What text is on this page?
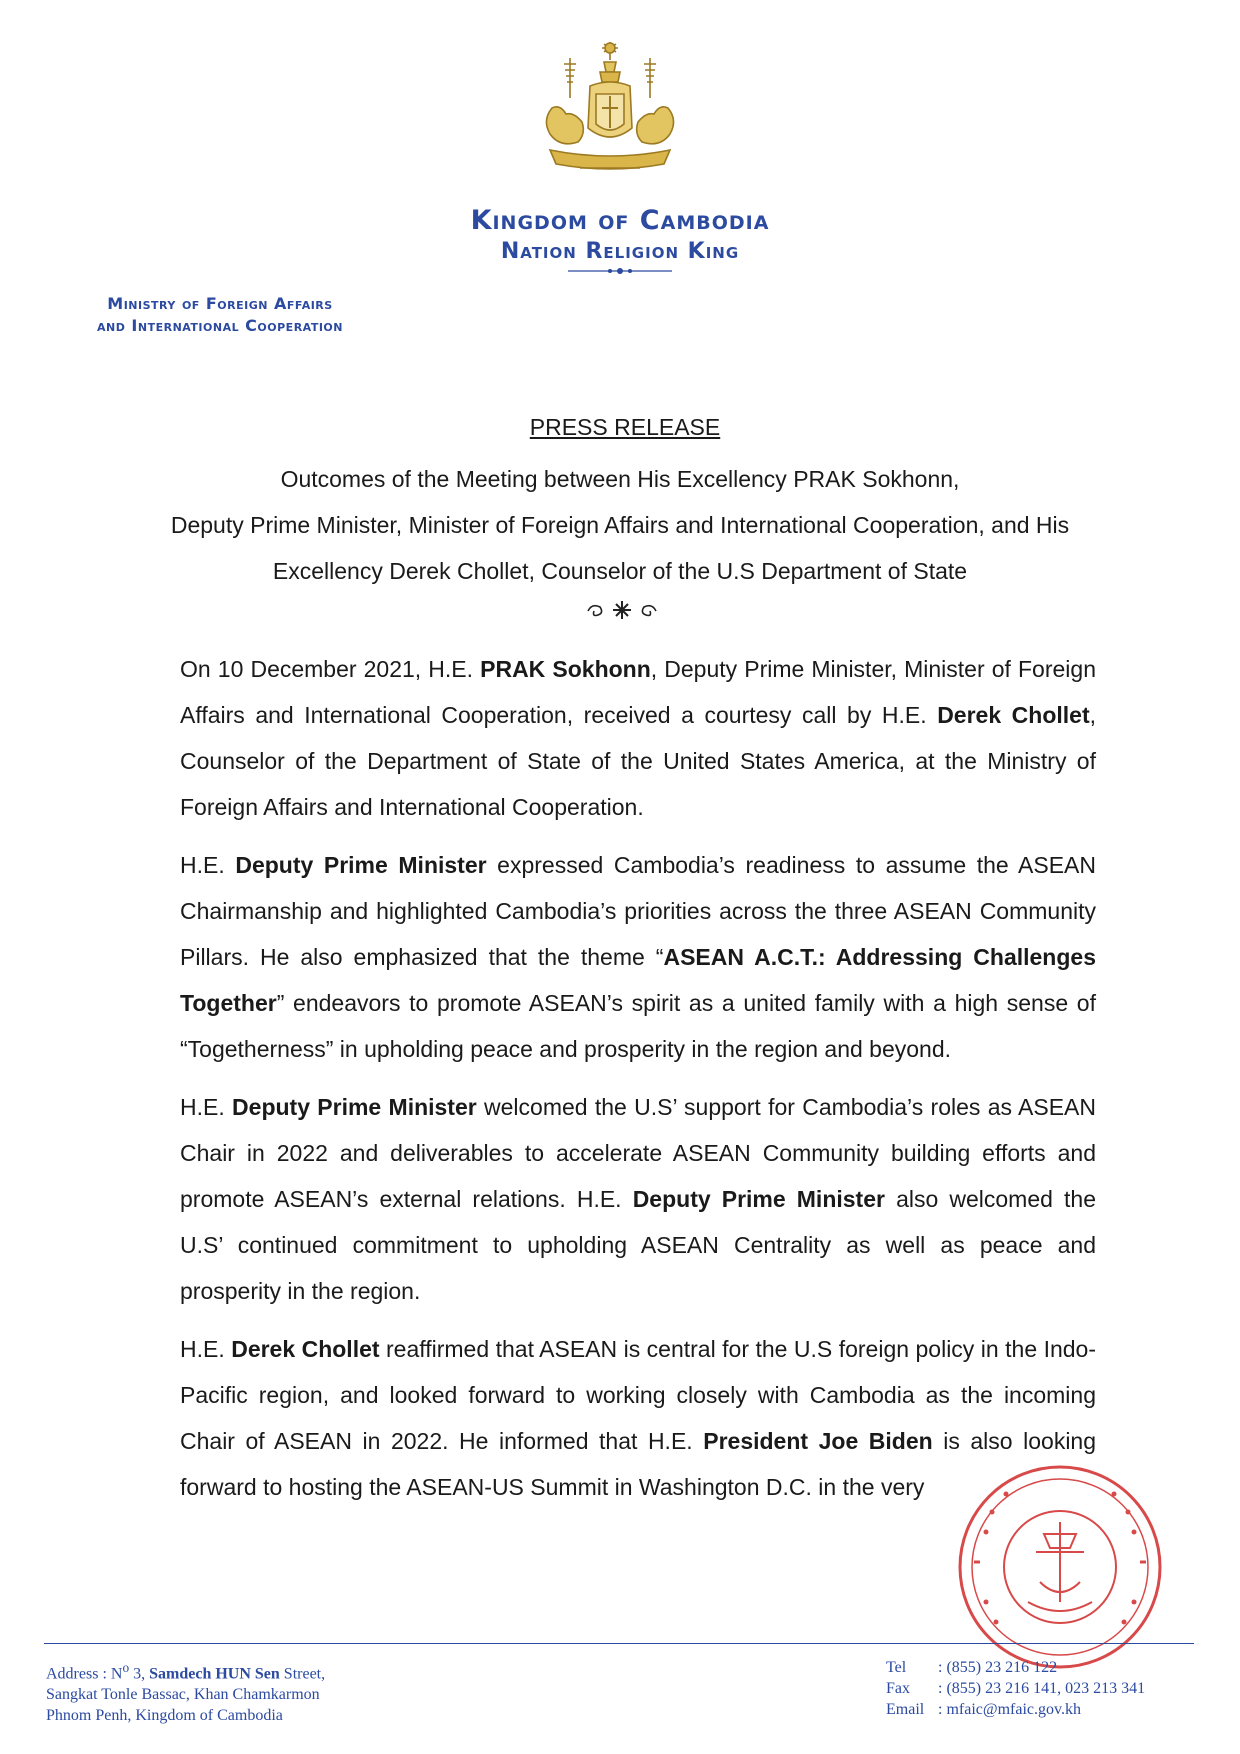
Kingdom of Cambodia
Nation Religion King
Ministry of Foreign Affairs
and International Cooperation
PRESS RELEASE
Outcomes of the Meeting between His Excellency PRAK Sokhonn,
Deputy Prime Minister, Minister of Foreign Affairs and International Cooperation, and His
Excellency Derek Chollet, Counselor of the U.S Department of State

On 10 December 2021, H.E. PRAK Sokhonn, Deputy Prime Minister, Minister of Foreign Affairs and International Cooperation, received a courtesy call by H.E. Derek Chollet, Counselor of the Department of State of the United States America, at the Ministry of Foreign Affairs and International Cooperation.

H.E. Deputy Prime Minister expressed Cambodia’s readiness to assume the ASEAN Chairmanship and highlighted Cambodia’s priorities across the three ASEAN Community Pillars. He also emphasized that the theme “ASEAN A.C.T.: Addressing Challenges Together” endeavors to promote ASEAN’s spirit as a united family with a high sense of “Togetherness” in upholding peace and prosperity in the region and beyond.

H.E. Deputy Prime Minister welcomed the U.S’ support for Cambodia’s roles as ASEAN Chair in 2022 and deliverables to accelerate ASEAN Community building efforts and promote ASEAN’s external relations. H.E. Deputy Prime Minister also welcomed the U.S’ continued commitment to upholding ASEAN Centrality as well as peace and prosperity in the region.

H.E. Derek Chollet reaffirmed that ASEAN is central for the U.S foreign policy in the Indo-Pacific region, and looked forward to working closely with Cambodia as the incoming Chair of ASEAN in 2022. He informed that H.E. President Joe Biden is also looking forward to hosting the ASEAN-US Summit in Washington D.C. in the very

Address : $N^o$ 3, Samdech HUN Sen Street,
Sangkat Tonle Bassac, Khan Chamkarmon
Phnom Penh, Kingdom of Cambodia
Tel : (855) 23 216 122
Fax : (855) 23 216 141, 023 213 341
Email : mfaic@mfaic.gov.kh
